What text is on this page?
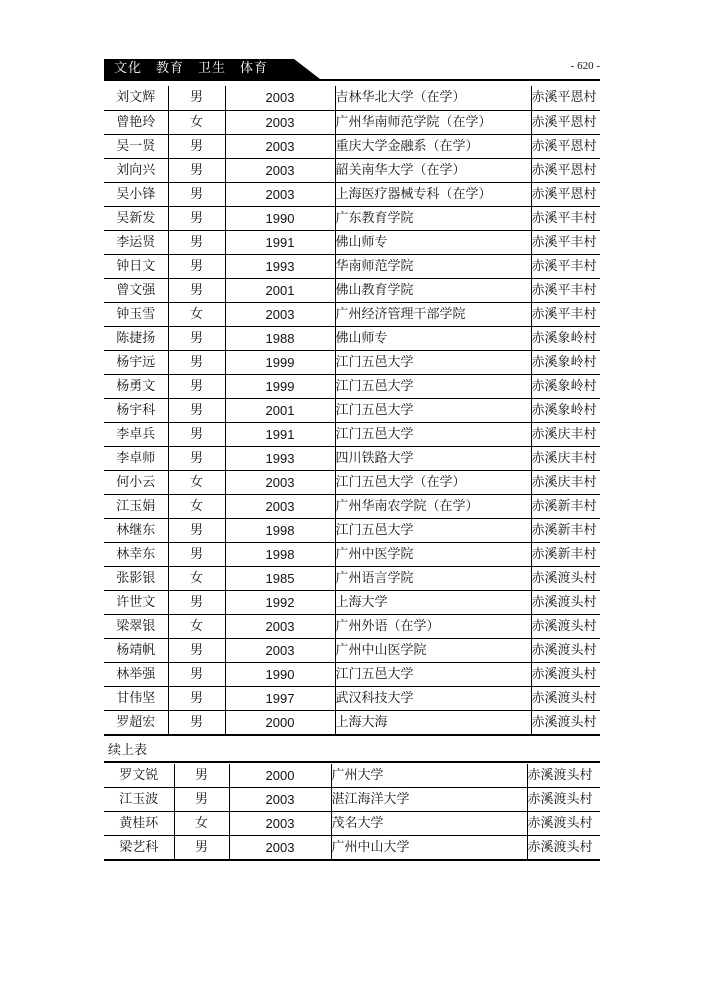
文化　教育　卫生　体育	- 620 -
刘文辉	男	2003	吉林华北大学（在学）	赤溪平恩村
曾艳玲	女	2003	广州华南师范学院（在学）	赤溪平恩村
吴一贤	男	2003	重庆大学金融系（在学）	赤溪平恩村
刘向兴	男	2003	韶关南华大学（在学）	赤溪平恩村
吴小锋	男	2003	上海医疗器械专科（在学）	赤溪平恩村
吴新发	男	1990	广东教育学院	赤溪平丰村
李运贤	男	1991	佛山师专	赤溪平丰村
钟日文	男	1993	华南师范学院	赤溪平丰村
曾文强	男	2001	佛山教育学院	赤溪平丰村
钟玉雪	女	2003	广州经济管理干部学院	赤溪平丰村
陈捷扬	男	1988	佛山师专	赤溪象岭村
杨宇远	男	1999	江门五邑大学	赤溪象岭村
杨勇文	男	1999	江门五邑大学	赤溪象岭村
杨宇科	男	2001	江门五邑大学	赤溪象岭村
李卓兵	男	1991	江门五邑大学	赤溪庆丰村
李卓师	男	1993	四川铁路大学	赤溪庆丰村
何小云	女	2003	江门五邑大学（在学）	赤溪庆丰村
江玉娟	女	2003	广州华南农学院（在学）	赤溪新丰村
林继东	男	1998	江门五邑大学	赤溪新丰村
林幸东	男	1998	广州中医学院	赤溪新丰村
张影银	女	1985	广州语言学院	赤溪渡头村
许世文	男	1992	上海大学	赤溪渡头村
梁翠银	女	2003	广州外语（在学）	赤溪渡头村
杨靖帆	男	2003	广州中山医学院	赤溪渡头村
林举强	男	1990	江门五邑大学	赤溪渡头村
甘伟坚	男	1997	武汉科技大学	赤溪渡头村
罗超宏	男	2000	上海大海	赤溪渡头村
续上表
罗文锐	男	2000	广州大学	赤溪渡头村
江玉波	男	2003	湛江海洋大学	赤溪渡头村
黄桂环	女	2003	茂名大学	赤溪渡头村
梁艺科	男	2003	广州中山大学	赤溪渡头村
